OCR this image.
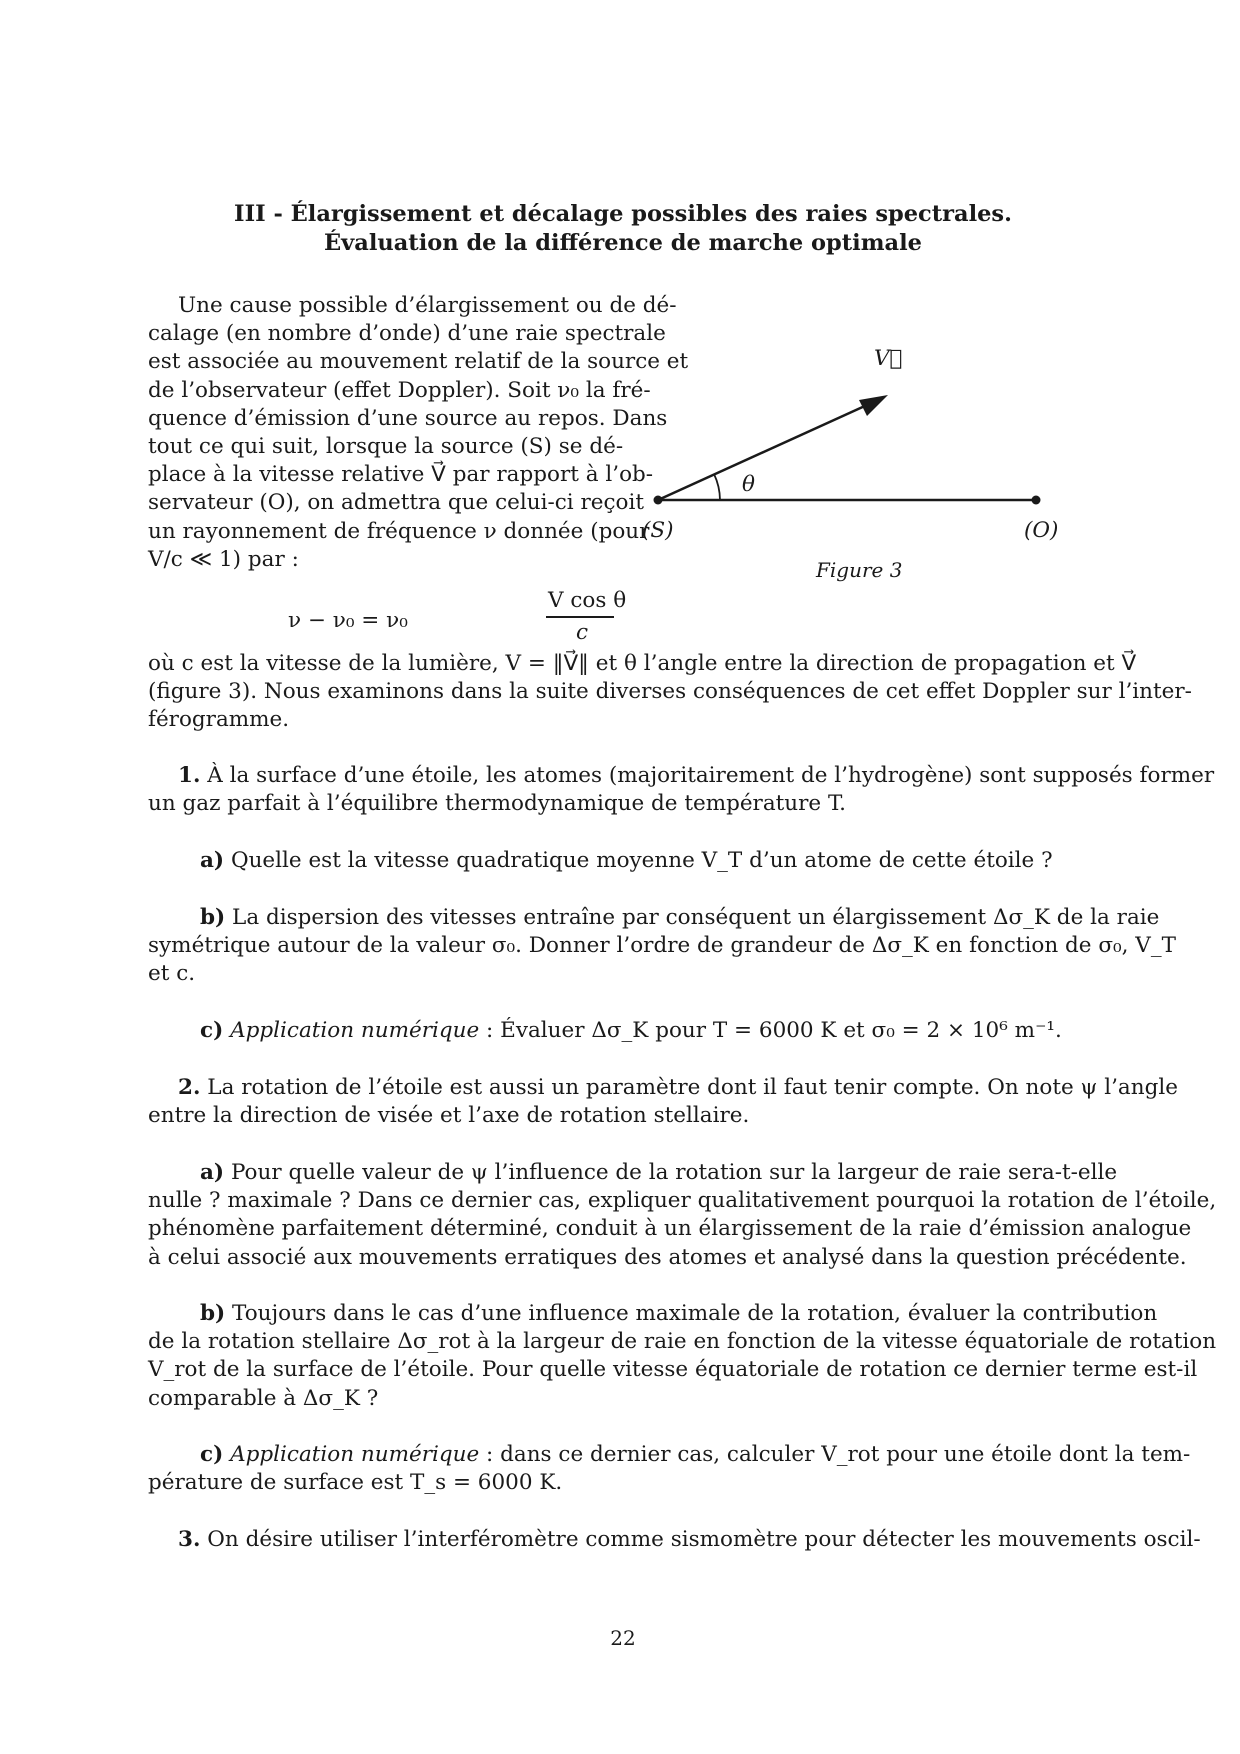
III - Élargissement et décalage possibles des raies spectrales.
Évaluation de la différence de marche optimale
Une cause possible d’élargissement ou de dé-
calage (en nombre d’onde) d’une raie spectrale
est associée au mouvement relatif de la source et
de l’observateur (effet Doppler). Soit ν₀ la fré-
quence d’émission d’une source au repos. Dans
tout ce qui suit, lorsque la source (S) se dé-
place à la vitesse relative V⃗ par rapport à l’ob-
servateur (O), on admettra que celui-ci reçoit
un rayonnement de fréquence ν donnée (pour
V/c ≪ 1) par :
V⃗
θ
(S)	(O)
Figure 3
ν − ν₀ = ν₀
V cos θ
c
où c est la vitesse de la lumière, V = ‖V⃗‖ et θ l’angle entre la direction de propagation et V⃗
(figure 3). Nous examinons dans la suite diverses conséquences de cet effet Doppler sur l’inter-
férogramme.
1. À la surface d’une étoile, les atomes (majoritairement de l’hydrogène) sont supposés former
un gaz parfait à l’équilibre thermodynamique de température T.
a) Quelle est la vitesse quadratique moyenne V_T d’un atome de cette étoile ?
b) La dispersion des vitesses entraîne par conséquent un élargissement Δσ_K de la raie
symétrique autour de la valeur σ₀. Donner l’ordre de grandeur de Δσ_K en fonction de σ₀, V_T
et c.
c) Application numérique : Évaluer Δσ_K pour T = 6000 K et σ₀ = 2 × 10⁶ m⁻¹.
2. La rotation de l’étoile est aussi un paramètre dont il faut tenir compte. On note ψ l’angle
entre la direction de visée et l’axe de rotation stellaire.
a) Pour quelle valeur de ψ l’influence de la rotation sur la largeur de raie sera-t-elle
nulle ? maximale ? Dans ce dernier cas, expliquer qualitativement pourquoi la rotation de l’étoile,
phénomène parfaitement déterminé, conduit à un élargissement de la raie d’émission analogue
à celui associé aux mouvements erratiques des atomes et analysé dans la question précédente.
b) Toujours dans le cas d’une influence maximale de la rotation, évaluer la contribution
de la rotation stellaire Δσ_rot à la largeur de raie en fonction de la vitesse équatoriale de rotation
V_rot de la surface de l’étoile. Pour quelle vitesse équatoriale de rotation ce dernier terme est-il
comparable à Δσ_K ?
c) Application numérique : dans ce dernier cas, calculer V_rot pour une étoile dont la tem-
pérature de surface est T_s = 6000 K.
3. On désire utiliser l’interféromètre comme sismomètre pour détecter les mouvements oscil-
22
